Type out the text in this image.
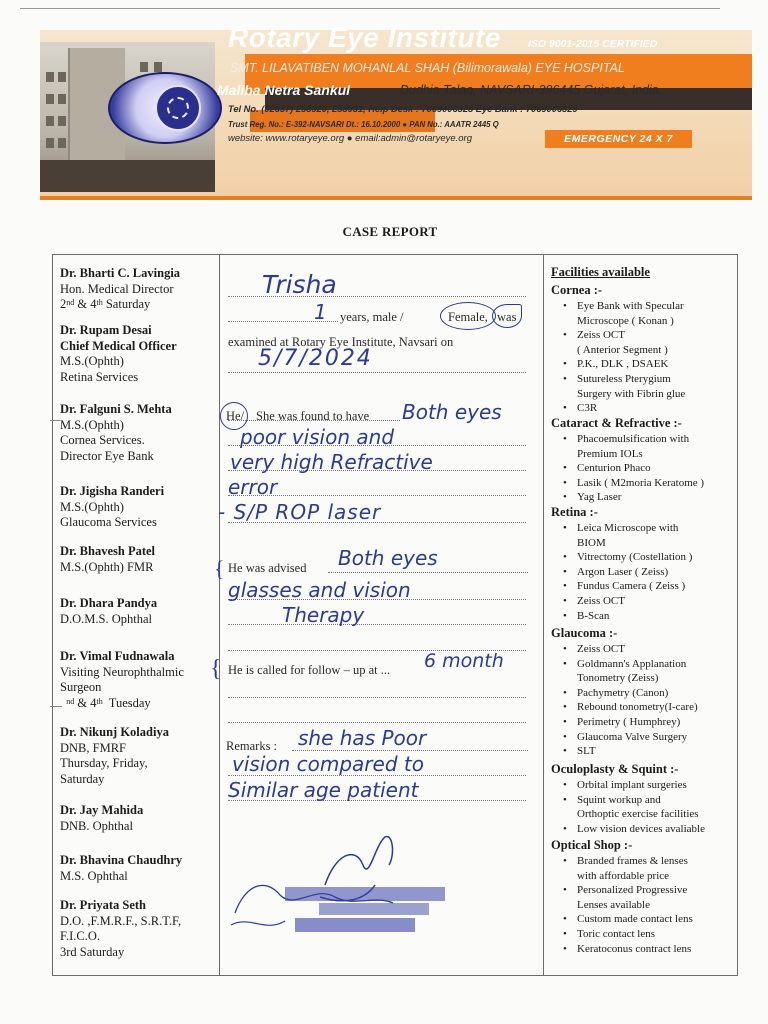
Rotary Eye Institute	ISO 9001-2015 CERTIFIED
SMT. LILAVATIBEN MOHANLAL SHAH (Bilimorawala) EYE HOSPITAL
Maliba Netra Sankul	Dudhia Talao, NAVSARI-396445 Gujarat, India.
Tel No. (02637) 258920, 258931, Help Desk : 7069006328 Eye Bank : 7069006329
Trust Reg. No.: E-392-NAVSARI Dt.: 16.10.2000 ● PAN No.: AAATR 2445 Q
website: www.rotaryeye.org ● email:admin@rotaryeye.org	EMERGENCY 24 X 7
CASE REPORT
Dr. Bharti C. Lavingia
Hon. Medical Director
2nd & 4th Saturday
Dr. Rupam Desai
Chief Medical Officer
M.S.(Ophth)
Retina Services
Dr. Falguni S. Mehta
M.S.(Ophth)
Cornea Services.
Director Eye Bank
Dr. Jigisha Randeri
M.S.(Ophth)
Glaucoma Services
Dr. Bhavesh Patel
M.S.(Ophth) FMR
Dr. Dhara Pandya
D.O.M.S. Ophthal
Dr. Vimal Fudnawala
Visiting Neurophthalmic
Surgeon
$^{nd}$ & 4th  Tuesday
Dr. Nikunj Koladiya
DNB, FMRF
Thursday, Friday,
Saturday
Dr. Jay Mahida
DNB. Ophthal
Dr. Bhavina Chaudhry
M.S. Ophthal
Dr. Priyata Seth
D.O. ,F.M.R.F., S.R.T.F,
F.I.C.O.
3rd Saturday
years, male /	Female, was
examined at Rotary Eye Institute, Navsari on
He/ She was found to have
He was advised
He is called for follow – up at ...
Remarks :
{
{
Trisha
1
5/7/2024
Both eyes
poor vision and
very high Refractive
error
- S/P ROP laser
Both eyes
glasses and vision
Therapy
6 month
she has Poor
vision compared to
Similar age patient
Facilities available
Cornea :-
• Eye Bank with Specular
Microscope ( Konan )
• Zeiss OCT
( Anterior Segment )
• P.K., DLK , DSAEK
• Sutureless Pterygium
Surgery with Fibrin glue
• C3R
Cataract & Refractive :-
• Phacoemulsification with
Premium IOLs
• Centurion Phaco
• Lasik ( M2moria Keratome )
• Yag Laser
Retina :-
• Leica Microscope with
BIOM
• Vitrectomy (Costellation )
• Argon Laser ( Zeiss)
• Fundus Camera ( Zeiss )
• Zeiss OCT
• B-Scan
Glaucoma :-
• Zeiss OCT
• Goldmann's Applanation
Tonometry (Zeiss)
• Pachymetry (Canon)
• Rebound tonometry(I-care)
• Perimetry ( Humphrey)
• Glaucoma Valve Surgery
• SLT
Oculoplasty & Squint :-
• Orbital implant surgeries
• Squint workup and
Orthoptic exercise facilities
• Low vision devices avaliable
Optical Shop :-
• Branded frames & lenses
with affordable price
• Personalized Progressive
Lenses available
• Custom made contact lens
• Toric contact lens
• Keratoconus contract lens
